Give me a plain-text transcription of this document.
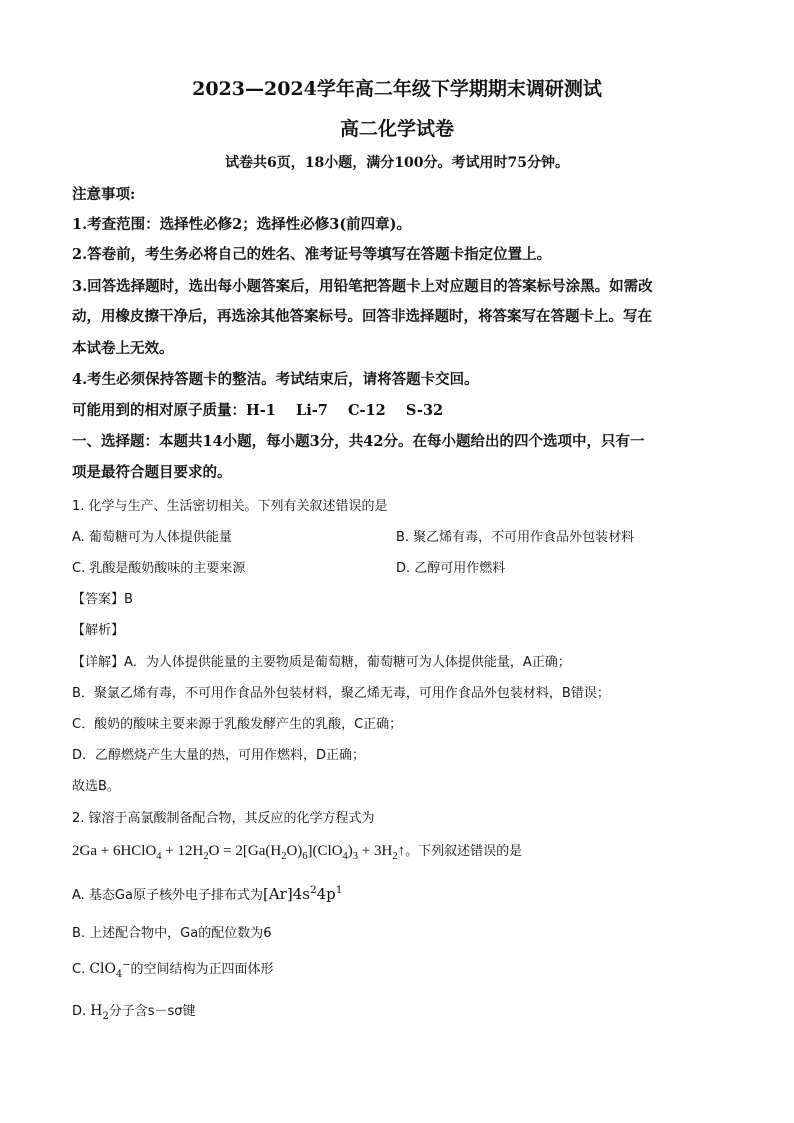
2023—2024学年高二年级下学期期末调研测试
高二化学试卷
试卷共6页，18小题，满分100分。考试用时75分钟。
注意事项:
1.考查范围：选择性必修2；选择性必修3(前四章)。
2.答卷前，考生务必将自己的姓名、准考证号等填写在答题卡指定位置上。
3.回答选择题时，选出每小题答案后，用铅笔把答题卡上对应题目的答案标号涂黑。如需改
动，用橡皮擦干净后，再选涂其他答案标号。回答非选择题时，将答案写在答题卡上。写在
本试卷上无效。
4.考生必须保持答题卡的整洁。考试结束后，请将答题卡交回。
可能用到的相对原子质量：H-1    Li-7    C-12    S-32
一、选择题：本题共14小题，每小题3分，共42分。在每小题给出的四个选项中，只有一
项是最符合题目要求的。
1. 化学与生产、生活密切相关。下列有关叙述错误的是
A. 葡萄糖可为人体提供能量	B. 聚乙烯有毒，不可用作食品外包装材料
C. 乳酸是酸奶酸味的主要来源	D. 乙醇可用作燃料
【答案】B
【解析】
【详解】A．为人体提供能量的主要物质是葡萄糖，葡萄糖可为人体提供能量，A正确；
B．聚氯乙烯有毒，不可用作食品外包装材料，聚乙烯无毒，可用作食品外包装材料，B错误；
C．酸奶的酸味主要来源于乳酸发酵产生的乳酸，C正确；
D．乙醇燃烧产生大量的热，可用作燃料，D正确；
故选B。
2. 镓溶于高氯酸制备配合物，其反应的化学方程式为
2Ga + 6HClO$_4$ + $12H_2O = 2[Ga(H_2O)_6](ClO_4)_3$ + $3H_2↑$。下列叙述错误的是
A. 基态Ga原子核外电子排布式为$[Ar]4s^24p^1$
B. 上述配合物中，Ga的配位数为6
C. ClO$_4$−的空间结构为正四面体形
D. $H_2$分子含s－sσ键
